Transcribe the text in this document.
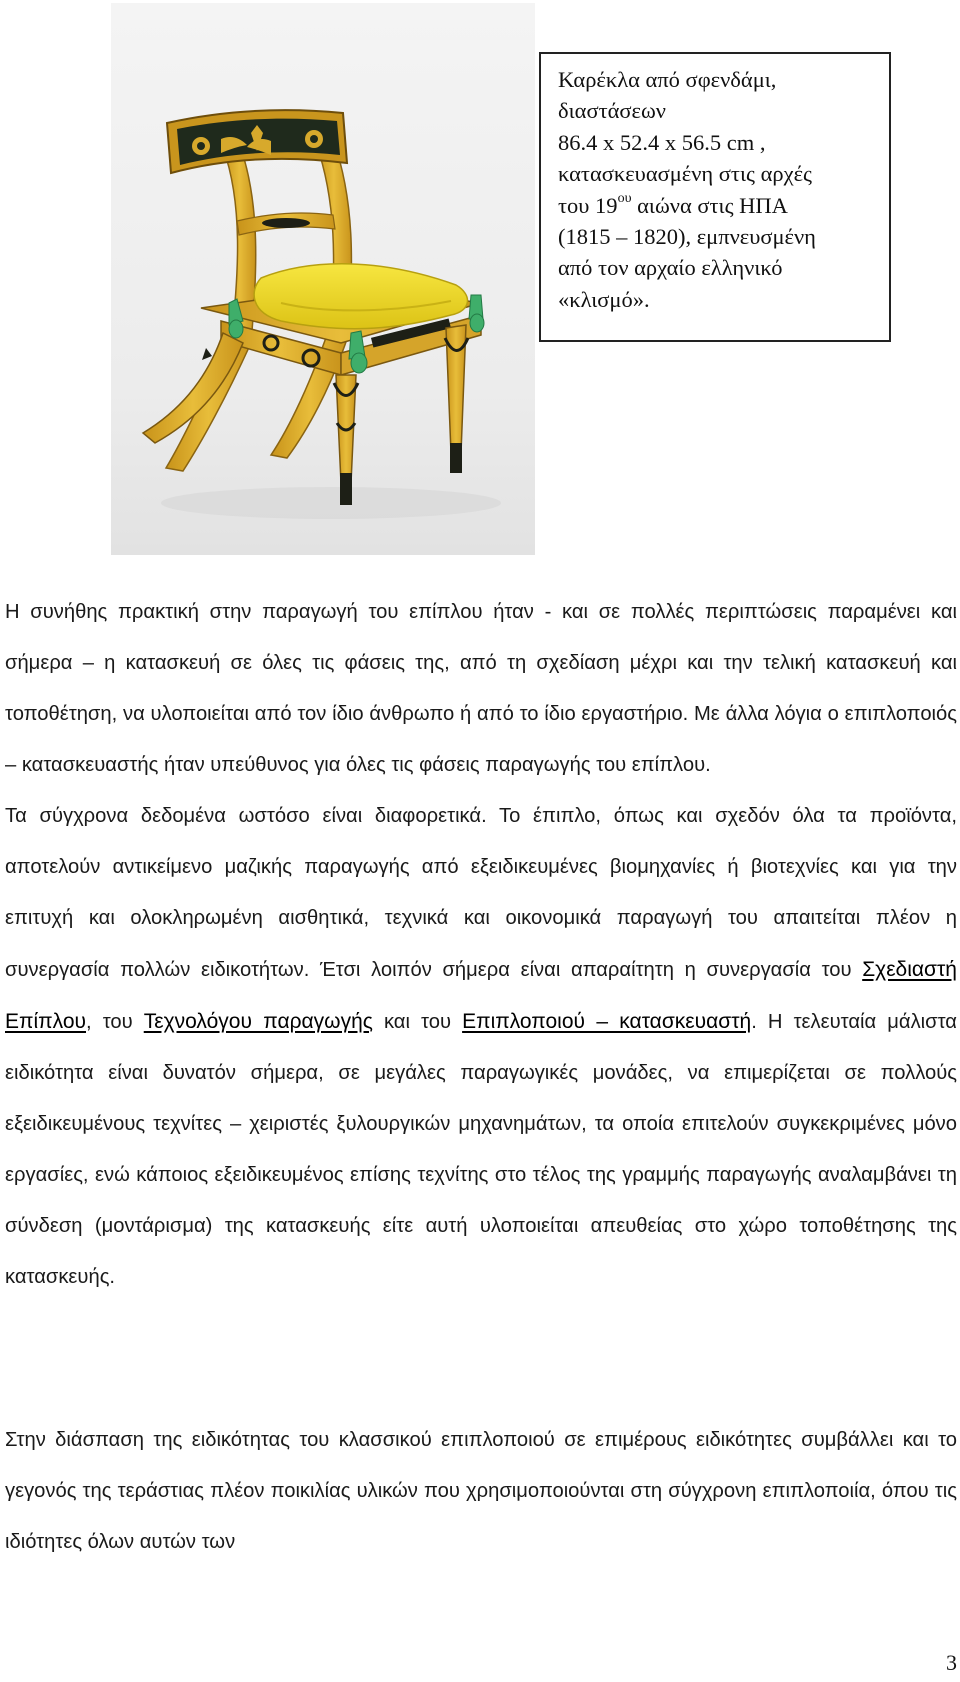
Καρέκλα από σφενδάμι,
διαστάσεων
86.4 x 52.4 x 56.5 cm ,
κατασκευασμένη στις αρχές
του $19^{o\upsilon}$ αιώνα στις ΗΠΑ
(1815 – 1820), εμπνευσμένη
από τον αρχαίο ελληνικό
«κλισμό».

Η συνήθης πρακτική στην παραγωγή του επίπλου ήταν - και σε πολλές περιπτώσεις παραμένει και σήμερα – η κατασκευή σε όλες τις φάσεις της, από τη σχεδίαση μέχρι και την τελική κατασκευή και τοποθέτηση, να υλοποιείται από τον ίδιο άνθρωπο ή από το ίδιο εργαστήριο. Με άλλα λόγια ο επιπλοποιός – κατασκευαστής ήταν υπεύθυνος για όλες τις φάσεις παραγωγής του επίπλου.

Τα σύγχρονα δεδομένα ωστόσο είναι διαφορετικά. Το έπιπλο, όπως και σχεδόν όλα τα προϊόντα, αποτελούν αντικείμενο μαζικής παραγωγής από εξειδικευμένες βιομηχανίες ή βιοτεχνίες και για την επιτυχή και ολοκληρωμένη αισθητικά, τεχνικά και οικονομικά παραγωγή του απαιτείται πλέον η συνεργασία πολλών ειδικοτήτων. Έτσι λοιπόν σήμερα είναι απαραίτητη η συνεργασία του Σχεδιαστή Επίπλου, του Τεχνολόγου παραγωγής και του Επιπλοποιού – κατασκευαστή. Η τελευταία μάλιστα ειδικότητα είναι δυνατόν σήμερα, σε μεγάλες παραγωγικές μονάδες, να επιμερίζεται σε πολλούς εξειδικευμένους τεχνίτες – χειριστές ξυλουργικών μηχανημάτων, τα οποία επιτελούν συγκεκριμένες μόνο εργασίες, ενώ κάποιος εξειδικευμένος επίσης τεχνίτης στο τέλος της γραμμής παραγωγής αναλαμβάνει τη σύνδεση (μοντάρισμα) της κατασκευής είτε αυτή υλοποιείται απευθείας στο χώρο τοποθέτησης της κατασκευής.

Στην διάσπαση της ειδικότητας του κλασσικού επιπλοποιού σε επιμέρους ειδικότητες συμβάλλει και το γεγονός της τεράστιας πλέον ποικιλίας υλικών που χρησιμοποιούνται στη σύγχρονη επιπλοποιία, όπου τις ιδιότητες όλων αυτών των

3
